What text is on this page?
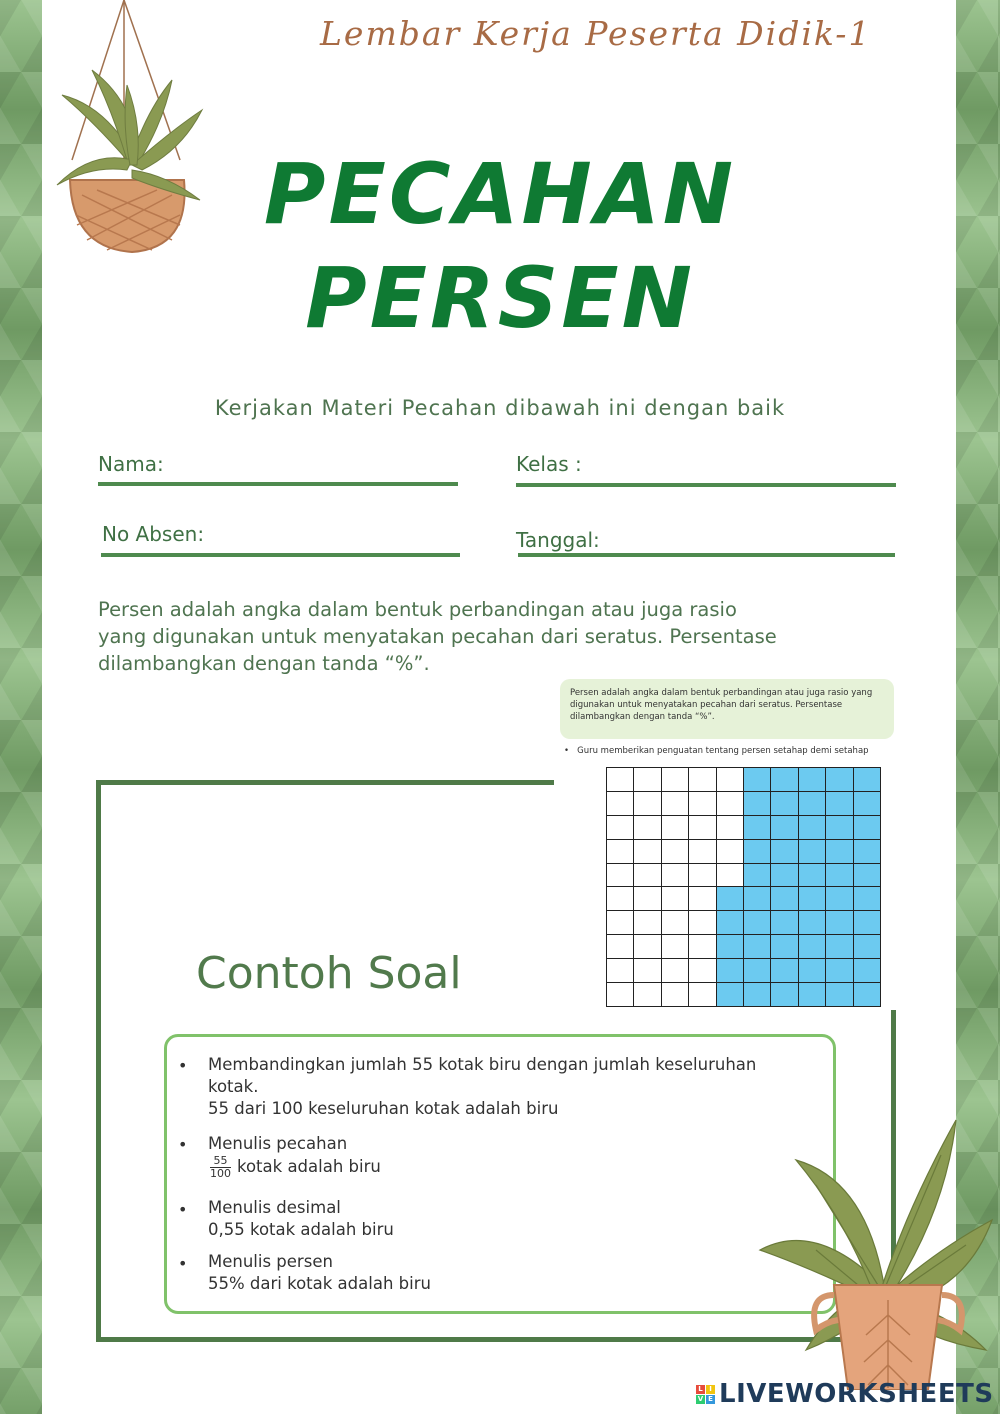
Lembar Kerja Peserta Didik-1
PECAHAN
PERSEN
Kerjakan Materi Pecahan dibawah ini dengan baik
Nama:	Kelas :
No Absen:	Tanggal:
Persen adalah angka dalam bentuk perbandingan atau juga rasio
yang digunakan untuk menyatakan pecahan dari seratus. Persentase
dilambangkan dengan tanda “%”.
Persen adalah angka dalam bentuk perbandingan atau juga rasio yang digunakan untuk menyatakan pecahan dari seratus. Persentase dilambangkan dengan tanda “%”.
•   Guru memberikan penguatan tentang persen setahap demi setahap
Contoh Soal
• Membandingkan jumlah 55 kotak biru dengan jumlah keseluruhan
kotak.
55 dari 100 keseluruhan kotak adalah biru
• Menulis pecahan
$\frac{55}{100}$ kotak adalah biru
• Menulis desimal
0,55 kotak adalah biru
• Menulis persen
55% dari kotak adalah biru
L I
V E LIVEWORKSHEETS
